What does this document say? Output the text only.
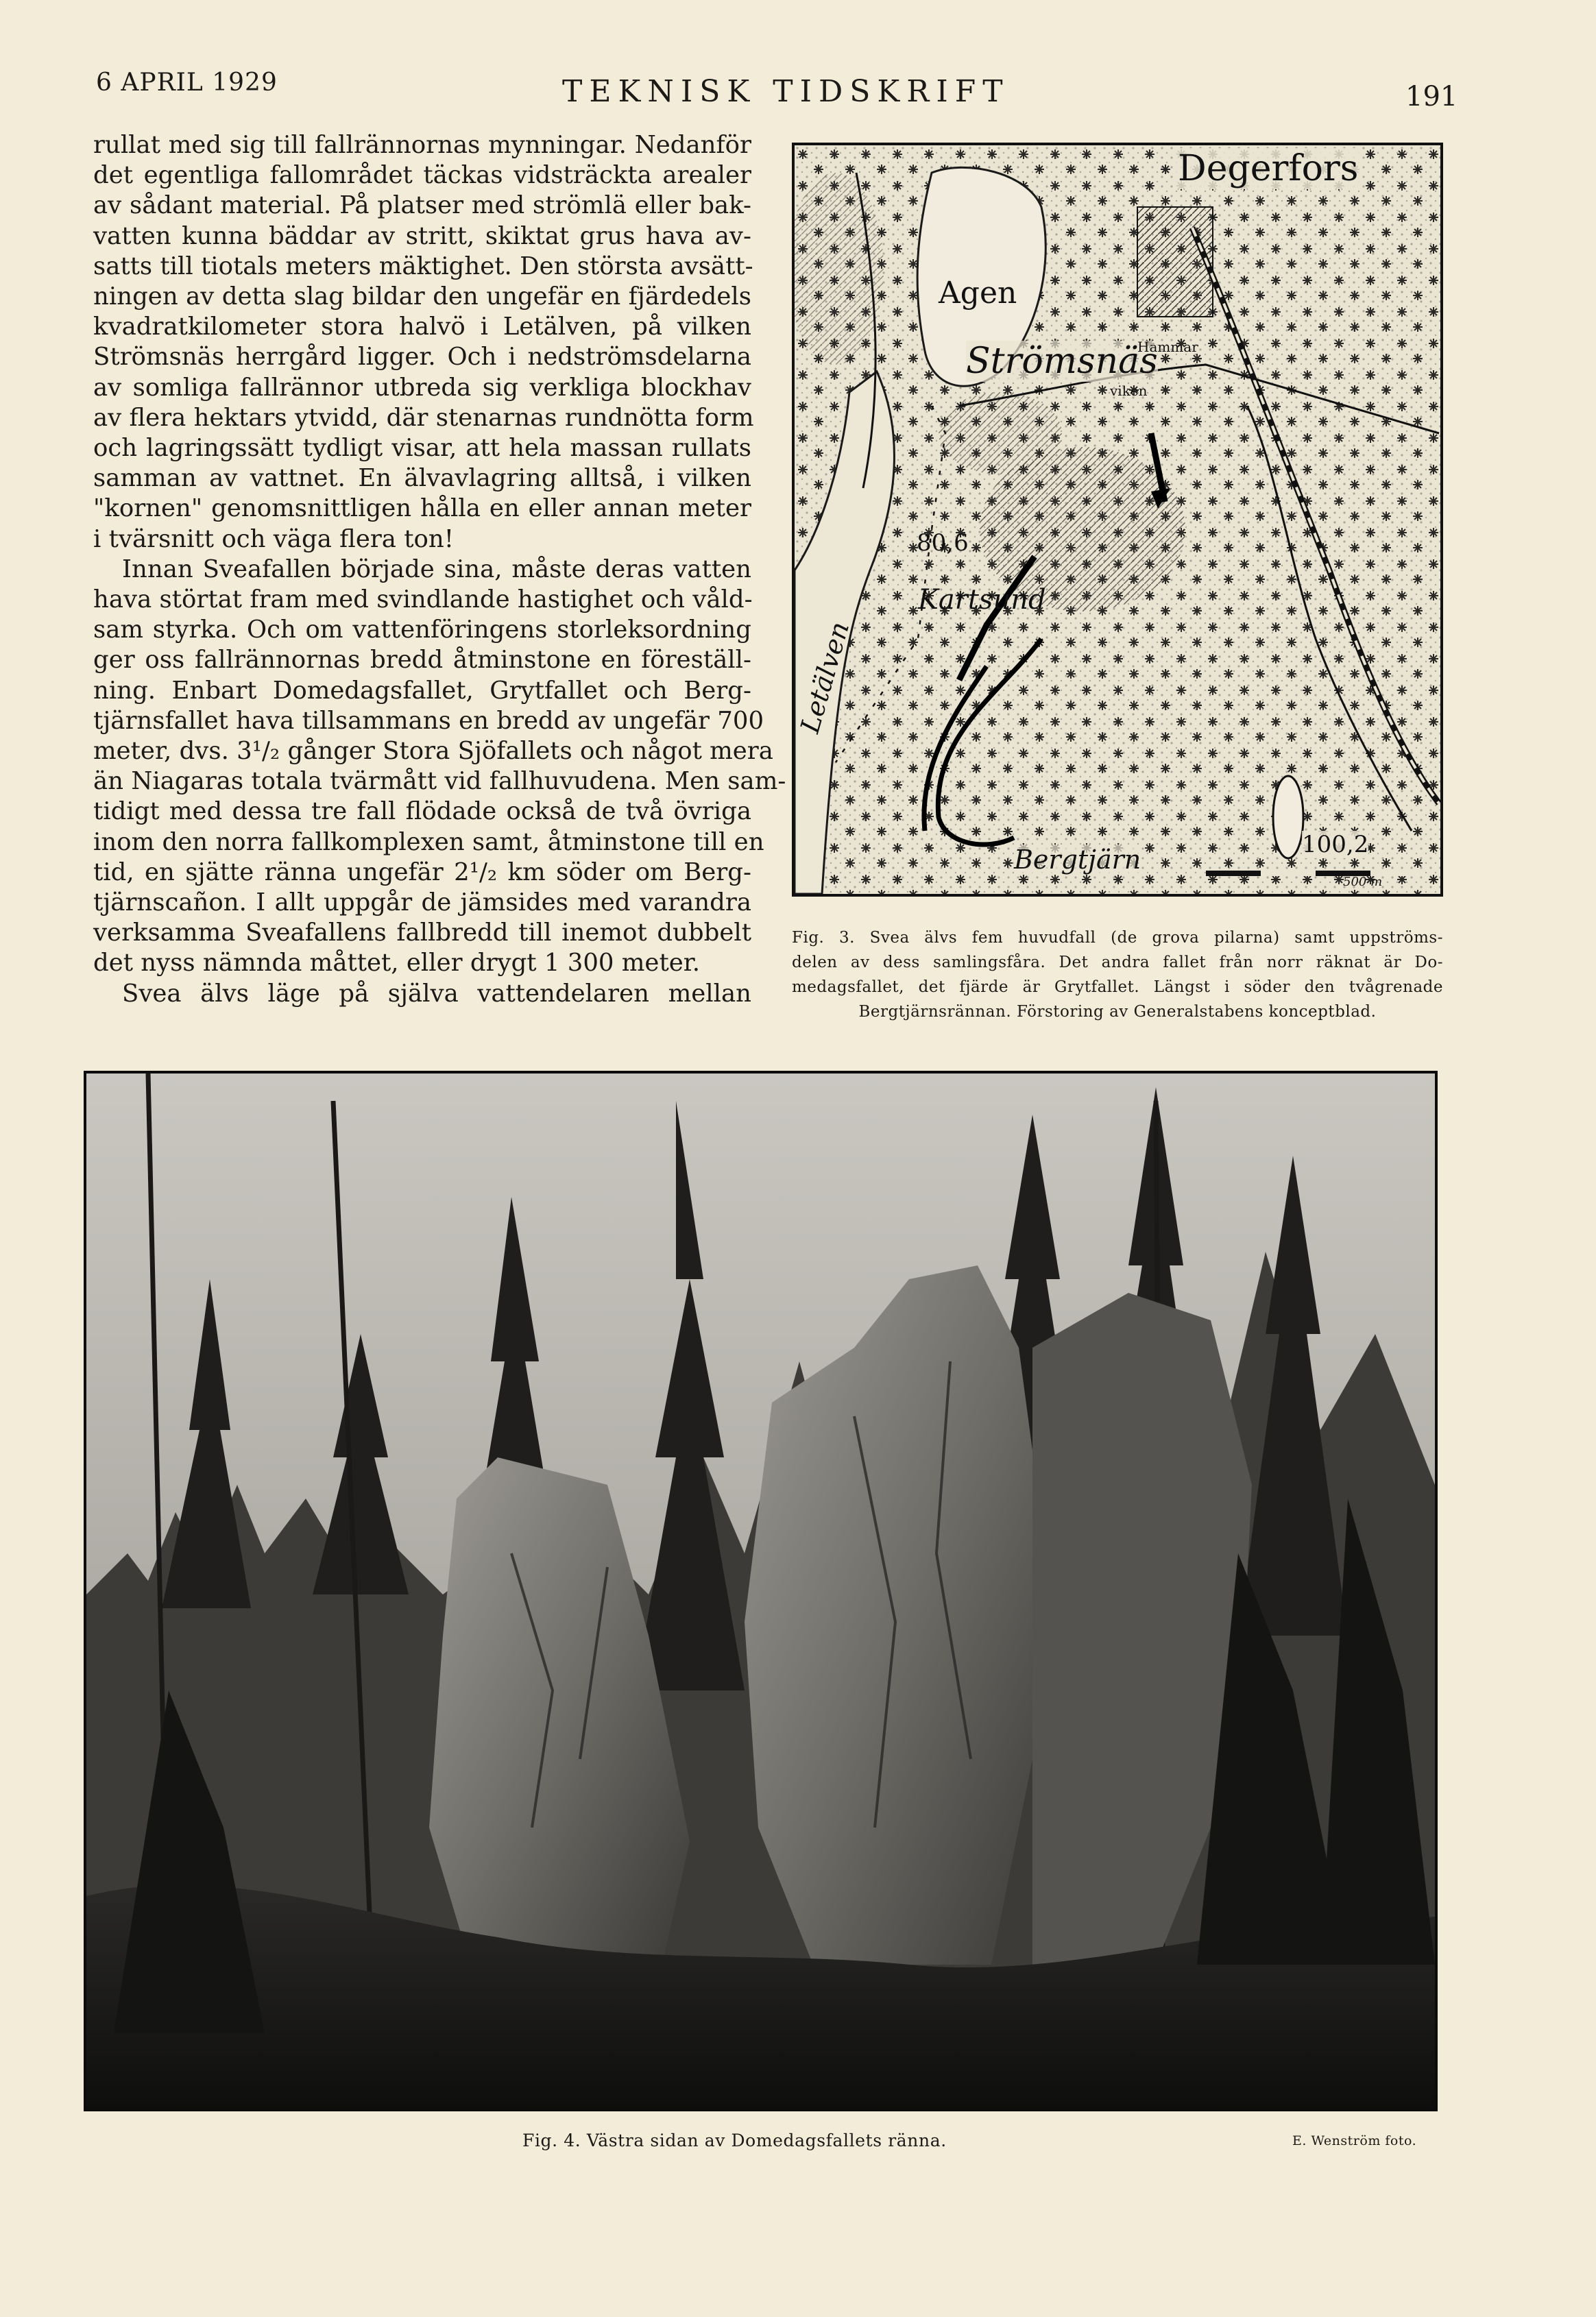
6 APRIL 1929	TEKNISK TIDSKRIFT	191

rullat med sig till fallrännornas mynningar. Nedanför
det egentliga fallområdet täckas vidsträckta arealer
av sådant material. På platser med strömlä eller bak-
vatten kunna bäddar av stritt, skiktat grus hava av-
satts till tiotals meters mäktighet. Den största avsätt-
ningen av detta slag bildar den ungefär en fjärdedels
kvadratkilometer stora halvö i Letälven, på vilken
Strömsnäs herrgård ligger. Och i nedströmsdelarna
av somliga fallrännor utbreda sig verkliga blockhav
av flera hektars ytvidd, där stenarnas rundnötta form
och lagringssätt tydligt visar, att hela massan rullats
samman av vattnet. En älvavlagring alltså, i vilken
"kornen" genomsnittligen hålla en eller annan meter
i tvärsnitt och väga flera ton!

Innan Sveafallen började sina, måste deras vatten
hava störtat fram med svindlande hastighet och våld-
sam styrka. Och om vattenföringens storleksordning
ger oss fallrännornas bredd åtminstone en föreställ-
ning. Enbart Domedagsfallet, Grytfallet och Berg-
tjärnsfallet hava tillsammans en bredd av ungefär 700
meter, dvs. 3¹/₂ gånger Stora Sjöfallets och något mera
än Niagaras totala tvärmått vid fallhuvudena. Men sam-
tidigt med dessa tre fall flödade också de två övriga
inom den norra fallkomplexen samt, åtminstone till en
tid, en sjätte ränna ungefär 2¹/₂ km söder om Berg-
tjärnscañon. I allt uppgår de jämsides med varandra
verksamma Sveafallens fallbredd till inemot dubbelt
det nyss nämnda måttet, eller drygt 1 300 meter.

Svea älvs läge på själva vattendelaren mellan

Degerfors
Agen
Strömsnäs
Hammar
viken
Letälven
Kartsund
80,6
100,2
Bergtjärn
500 m
Fig. 3. Svea älvs fem huvudfall (de grova pilarna) samt uppströms-
delen av dess samlingsfåra. Det andra fallet från norr räknat är Do-
medagsfallet, det fjärde är Grytfallet. Längst i söder den tvågrenade
Bergtjärnsrännan. Förstoring av Generalstabens konceptblad.
Fig. 4. Västra sidan av Domedagsfallets ränna.	E. Wenström foto.
